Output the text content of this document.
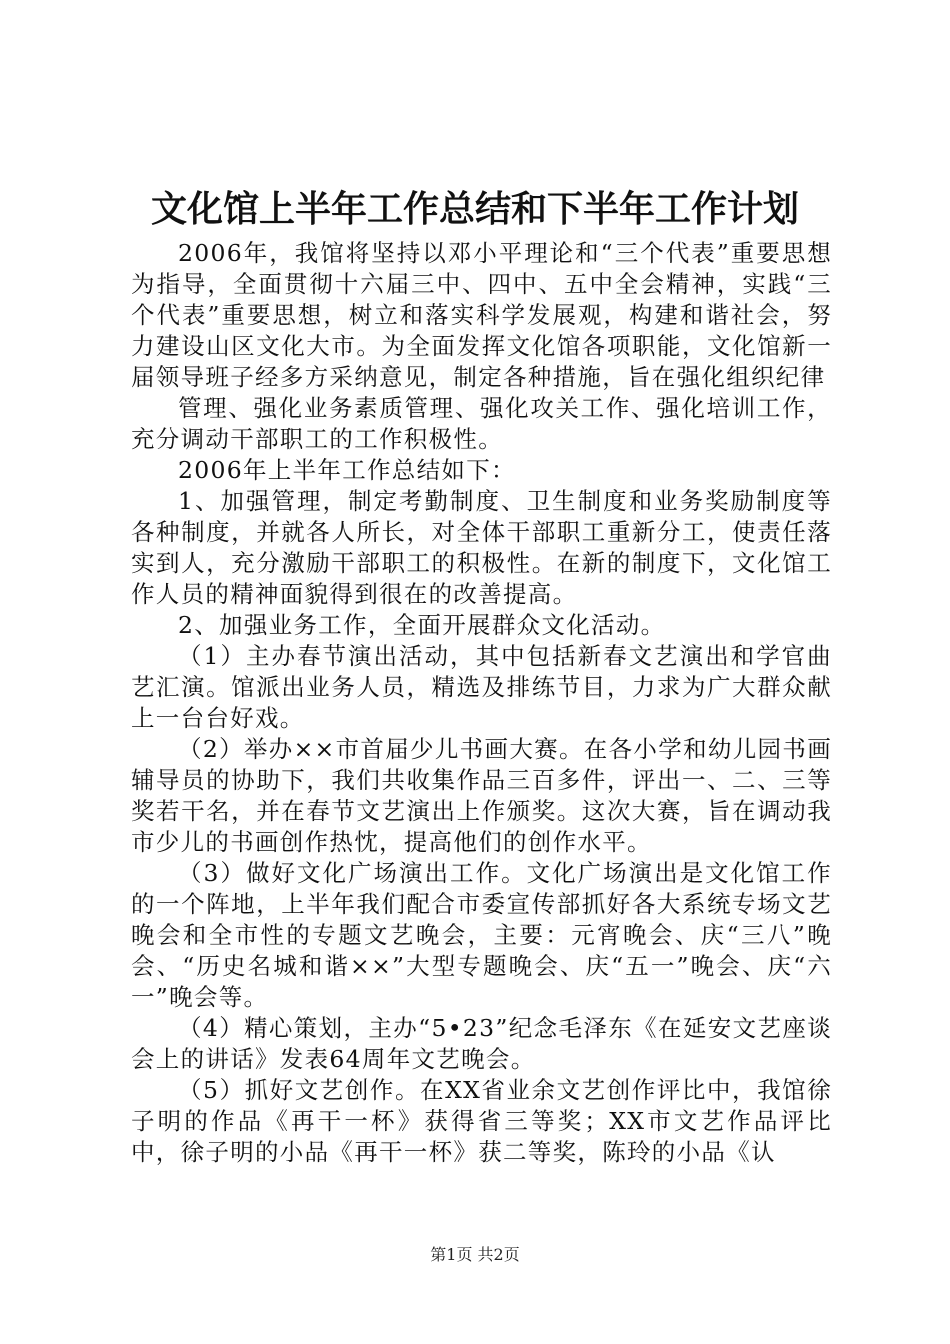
文化馆上半年工作总结和下半年工作计划

2006年，我馆将坚持以邓小平理论和“三个代表”重要思想为指导，全面贯彻十六届三中、四中、五中全会精神，实践“三个代表”重要思想，树立和落实科学发展观，构建和谐社会，努力建设山区文化大市。为全面发挥文化馆各项职能，文化馆新一届领导班子经多方采纳意见，制定各种措施，旨在强化组织纪律

管理、强化业务素质管理、强化攻关工作、强化培训工作，充分调动干部职工的工作积极性。

2006年上半年工作总结如下：

1、加强管理，制定考勤制度、卫生制度和业务奖励制度等各种制度，并就各人所长，对全体干部职工重新分工，使责任落实到人，充分激励干部职工的积极性。在新的制度下，文化馆工作人员的精神面貌得到很在的改善提高。

2、加强业务工作，全面开展群众文化活动。

（1）主办春节演出活动，其中包括新春文艺演出和学官曲艺汇演。馆派出业务人员，精选及排练节目，力求为广大群众献上一台台好戏。

（2）举办××市首届少儿书画大赛。在各小学和幼儿园书画辅导员的协助下，我们共收集作品三百多件，评出一、二、三等奖若干名，并在春节文艺演出上作颁奖。这次大赛，旨在调动我市少儿的书画创作热忱，提高他们的创作水平。

（3）做好文化广场演出工作。文化广场演出是文化馆工作的一个阵地，上半年我们配合市委宣传部抓好各大系统专场文艺晚会和全市性的专题文艺晚会，主要：元宵晚会、庆“三八”晚会、“历史名城和谐××”大型专题晚会、庆“五一”晚会、庆“六一”晚会等。

（4）精心策划，主办“5•23”纪念毛泽东《在延安文艺座谈会上的讲话》发表64周年文艺晚会。

（5）抓好文艺创作。在XX省业余文艺创作评比中，我馆徐子明的作品《再干一杯》获得省三等奖；XX市文艺作品评比中，徐子明的小品《再干一杯》获二等奖，陈玲的小品《认

第1页 共2页
